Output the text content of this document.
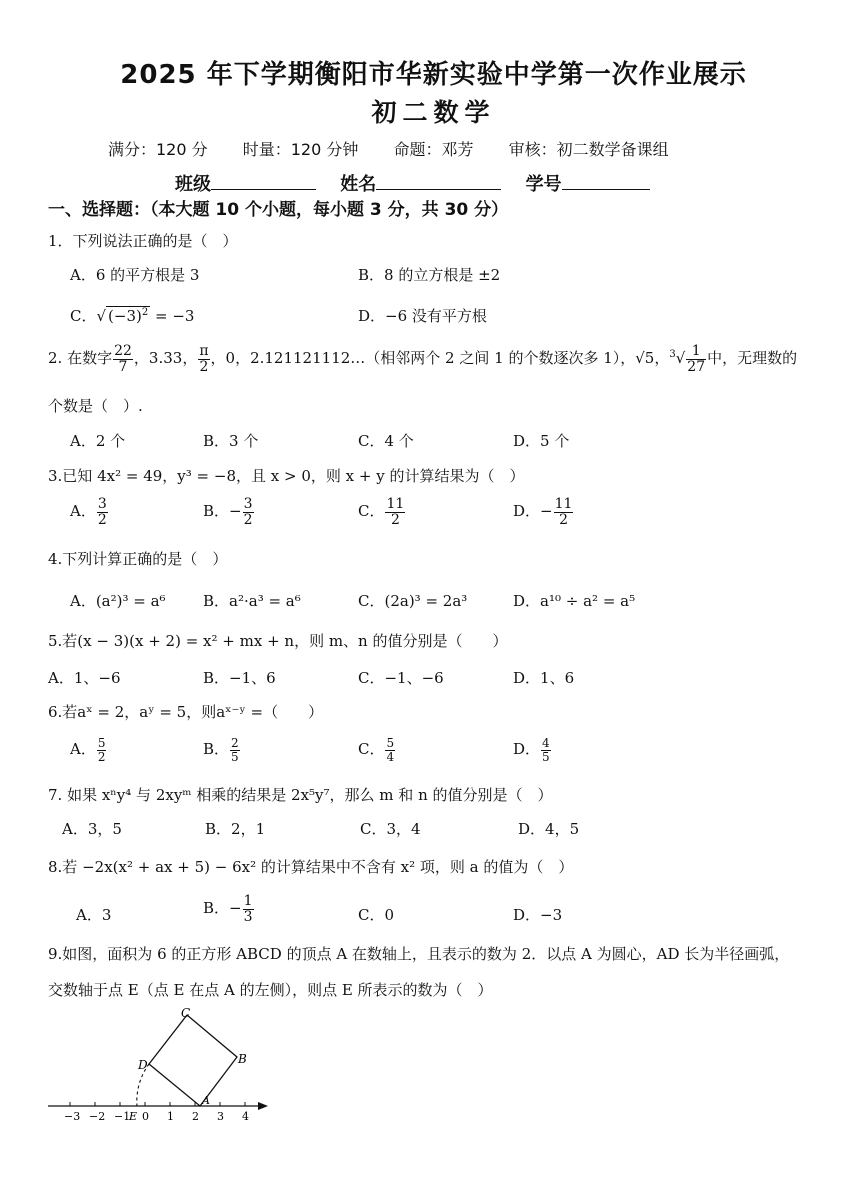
2025 年下学期衡阳市华新实验中学第一次作业展示
初二数学
满分：120 分 时量：120 分钟 命题：邓芳 审核：初二数学备课组
班级	姓名	学号
一、选择题：（本大题 10 个小题，每小题 3 分，共 30 分）
1．下列说法正确的是（　）
A．6 的平方根是 3	B．8 的立方根是 ±2
C．√ $(-3)^2 = -3$	D．−6 没有平方根
2. 在数字 $\frac{22}{7}$ ，3.33， $\frac{\pi}{2}$ ，0，2.121121112…（相邻两个 2 之间 1 的个数逐次多 1），√5，$^3√ \frac{1}{27}$ 中，无理数的
个数是（　）.
A．2 个	B．3 个	C．4 个	D．5 个
3.已知 4x² = 49，y³ = −8，且 x > 0，则 x + y 的计算结果为（　）
A． $\frac{3}{2}$	B．− $\frac{3}{2}$	C． $\frac{11}{2}$	D．− $\frac{11}{2}$
4.下列计算正确的是（　）
A．(a²)³ = a⁶ B．a²·a³ = a⁶	C．(2a)³ = 2a³	D．a¹⁰ ÷ a² = a⁵
5.若(x − 3)(x + 2) = x² + mx + n，则 m、n 的值分别是（　　）
A．1、−6	B．−1、6	C．−1、−6	D．1、6
6.若aˣ = 2，aʸ = 5，则aˣ⁻ʸ =（　　）
A． $\frac{5}{2}$	B． $\frac{2}{5}$	C． $\frac{5}{4}$	D． $\frac{4}{5}$
7. 如果 xⁿy⁴ 与 2xyᵐ 相乘的结果是 2x⁵y⁷，那么 m 和 n 的值分别是（　）
A．3，5	B．2，1	C．3，4	D．4，5
8.若 −2x(x² + ax + 5) − 6x² 的计算结果中不含有 x² 项，则 a 的值为（　）
A．3	B．− $\frac{1}{3}$	C．0	D．−3
9.如图，面积为 6 的正方形 ABCD 的顶点 A 在数轴上，且表示的数为 2．以点 A 为圆心，AD 长为半径画弧，
交数轴于点 E（点 E 在点 A 的左侧），则点 E 所表示的数为（　）
−3 −2 −1 0 1 2 3 4
C
B
D
A
E
